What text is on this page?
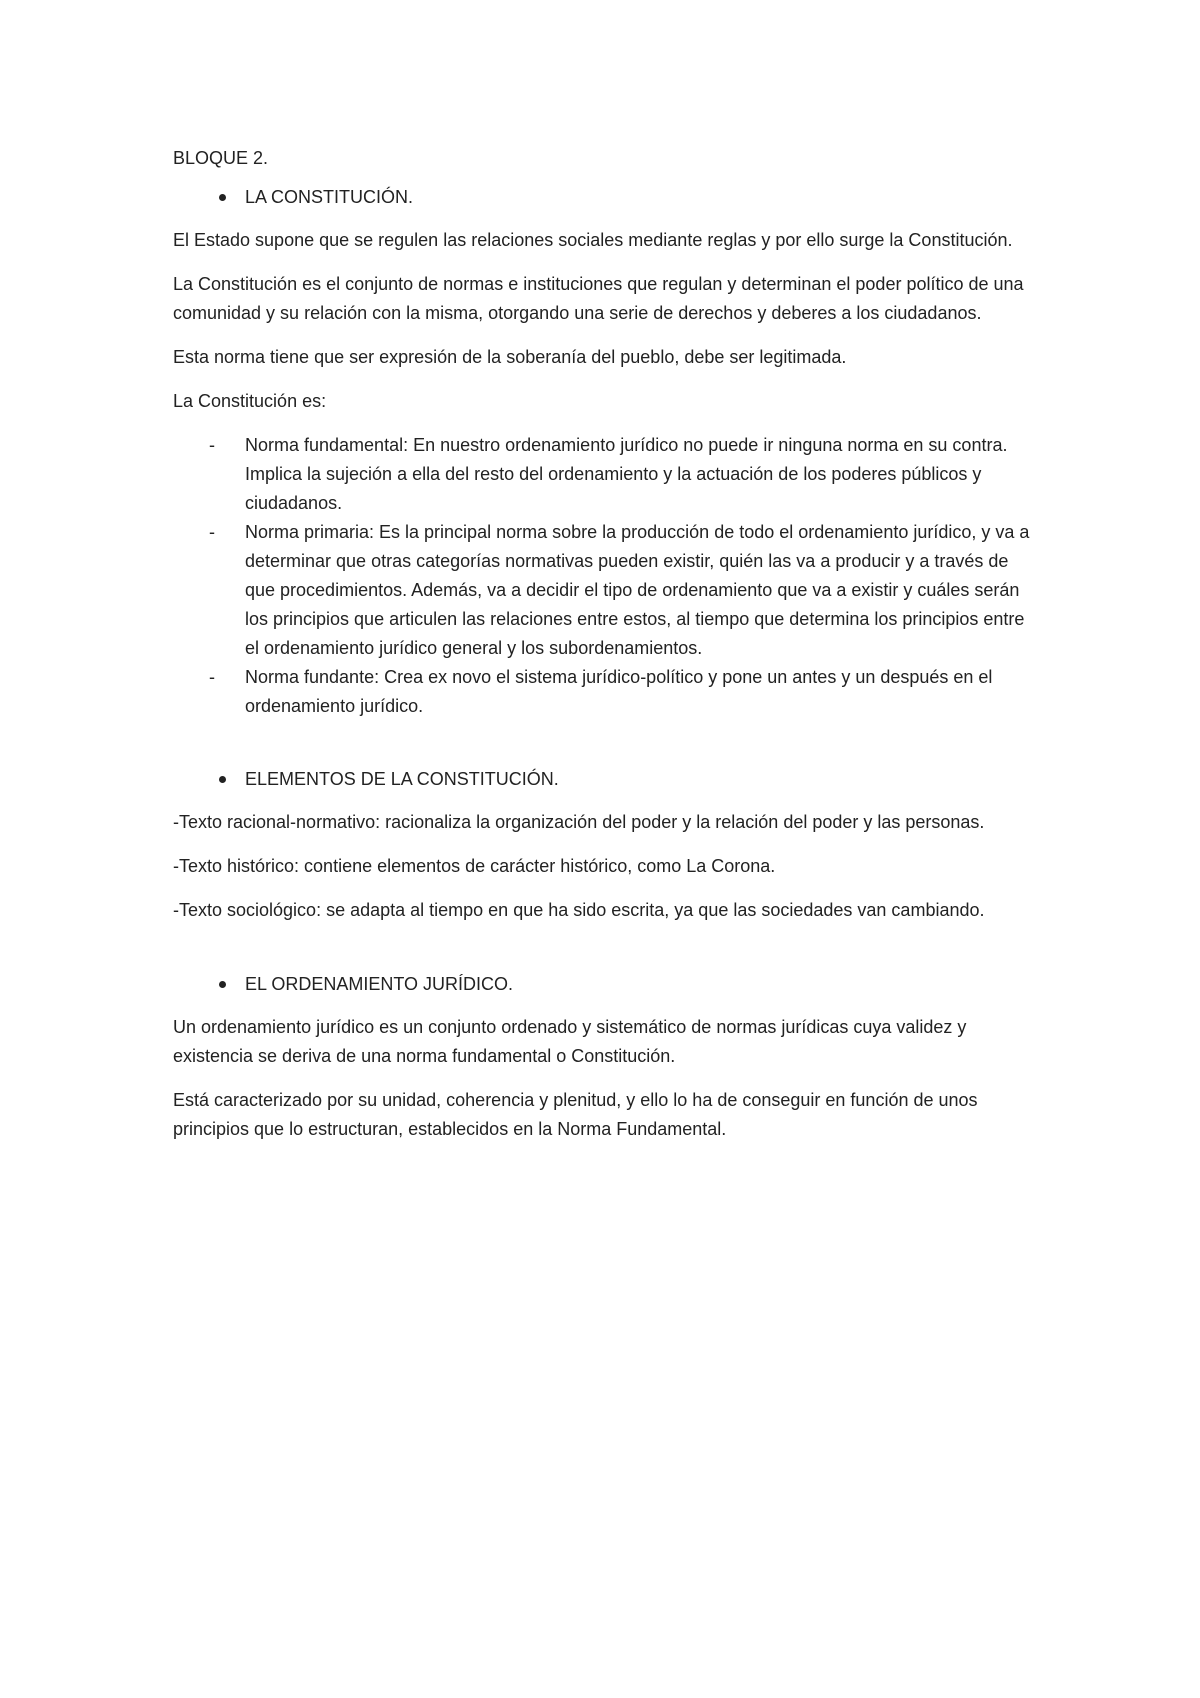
BLOQUE 2.

LA CONSTITUCIÓN.

El Estado supone que se regulen las relaciones sociales mediante reglas y por ello surge la Constitución.

La Constitución es el conjunto de normas e instituciones que regulan y determinan el poder político de una comunidad y su relación con la misma, otorgando una serie de derechos y deberes a los ciudadanos.

Esta norma tiene que ser expresión de la soberanía del pueblo, debe ser legitimada.

La Constitución es:

- Norma fundamental: En nuestro ordenamiento jurídico no puede ir ninguna norma en su contra. Implica la sujeción a ella del resto del ordenamiento y la actuación de los poderes públicos y ciudadanos.
- Norma primaria: Es la principal norma sobre la producción de todo el ordenamiento jurídico, y va a determinar que otras categorías normativas pueden existir, quién las va a producir y a través de que procedimientos. Además, va a decidir el tipo de ordenamiento que va a existir y cuáles serán los principios que articulen las relaciones entre estos, al tiempo que determina los principios entre el ordenamiento jurídico general y los subordenamientos.
- Norma fundante: Crea ex novo el sistema jurídico-político y pone un antes y un después en el ordenamiento jurídico.
ELEMENTOS DE LA CONSTITUCIÓN.

-Texto racional-normativo: racionaliza la organización del poder y la relación del poder y las personas.

-Texto histórico: contiene elementos de carácter histórico, como La Corona.

-Texto sociológico: se adapta al tiempo en que ha sido escrita, ya que las sociedades van cambiando.

EL ORDENAMIENTO JURÍDICO.

Un ordenamiento jurídico es un conjunto ordenado y sistemático de normas jurídicas cuya validez y existencia se deriva de una norma fundamental o Constitución.

Está caracterizado por su unidad, coherencia y plenitud, y ello lo ha de conseguir en función de unos principios que lo estructuran, establecidos en la Norma Fundamental.
